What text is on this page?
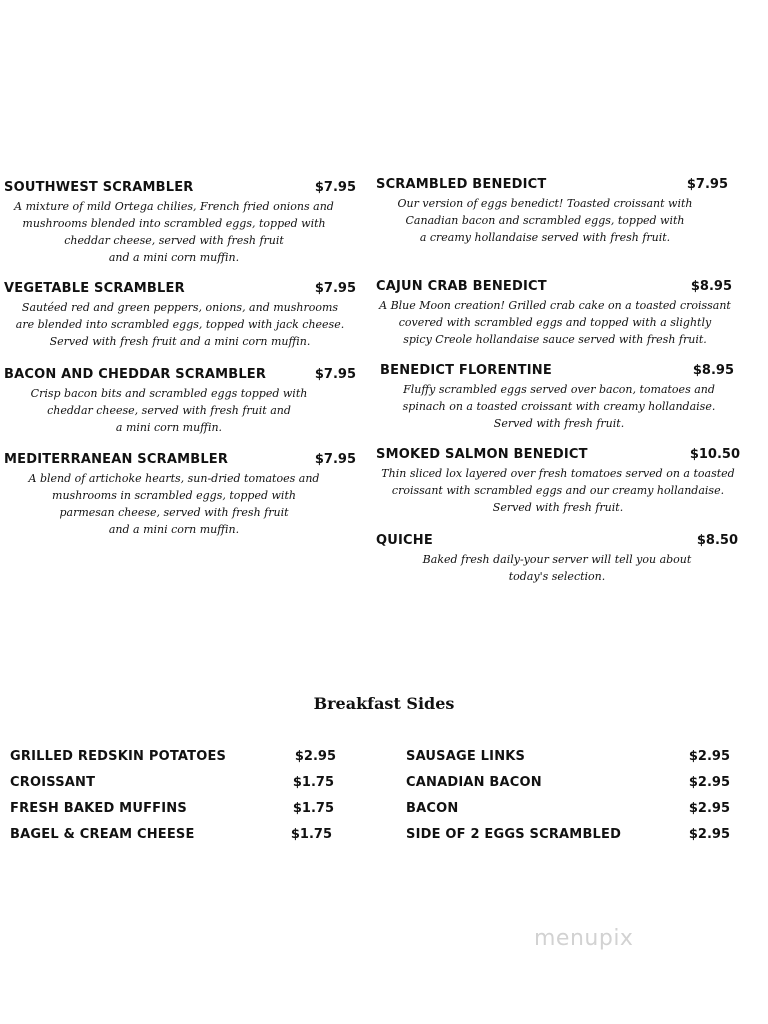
SOUTHWEST SCRAMBLER	$7.95
A mixture of mild Ortega chilies, French fried onions and
mushrooms blended into scrambled eggs, topped with
cheddar cheese, served with fresh fruit
and a mini corn muffin.
VEGETABLE SCRAMBLER	$7.95
Sautéed red and green peppers, onions, and mushrooms
are blended into scrambled eggs, topped with jack cheese.
Served with fresh fruit and a mini corn muffin.
BACON AND CHEDDAR SCRAMBLER	$7.95
Crisp bacon bits and scrambled eggs topped with
cheddar cheese, served with fresh fruit and
a mini corn muffin.
MEDITERRANEAN SCRAMBLER	$7.95
A blend of artichoke hearts, sun-dried tomatoes and
mushrooms in scrambled eggs, topped with
parmesan cheese, served with fresh fruit
and a mini corn muffin.
SCRAMBLED BENEDICT	$7.95
Our version of eggs benedict! Toasted croissant with
Canadian bacon and scrambled eggs, topped with
a creamy hollandaise served with fresh fruit.
CAJUN CRAB BENEDICT	$8.95
A Blue Moon creation! Grilled crab cake on a toasted croissant
covered with scrambled eggs and topped with a slightly
spicy Creole hollandaise sauce served with fresh fruit.
BENEDICT FLORENTINE	$8.95
Fluffy scrambled eggs served over bacon, tomatoes and
spinach on a toasted croissant with creamy hollandaise.
Served with fresh fruit.
SMOKED SALMON BENEDICT	$10.50
Thin sliced lox layered over fresh tomatoes served on a toasted
croissant with scrambled eggs and our creamy hollandaise.
Served with fresh fruit.
QUICHE	$8.50
Baked fresh daily-your server will tell you about
today's selection.
Breakfast Sides
GRILLED REDSKIN POTATOES	$2.95
CROISSANT	$1.75
FRESH BAKED MUFFINS	$1.75
BAGEL & CREAM CHEESE	$1.75
SAUSAGE LINKS	$2.95
CANADIAN BACON	$2.95
BACON	$2.95
SIDE OF 2 EGGS SCRAMBLED	$2.95
menupix
